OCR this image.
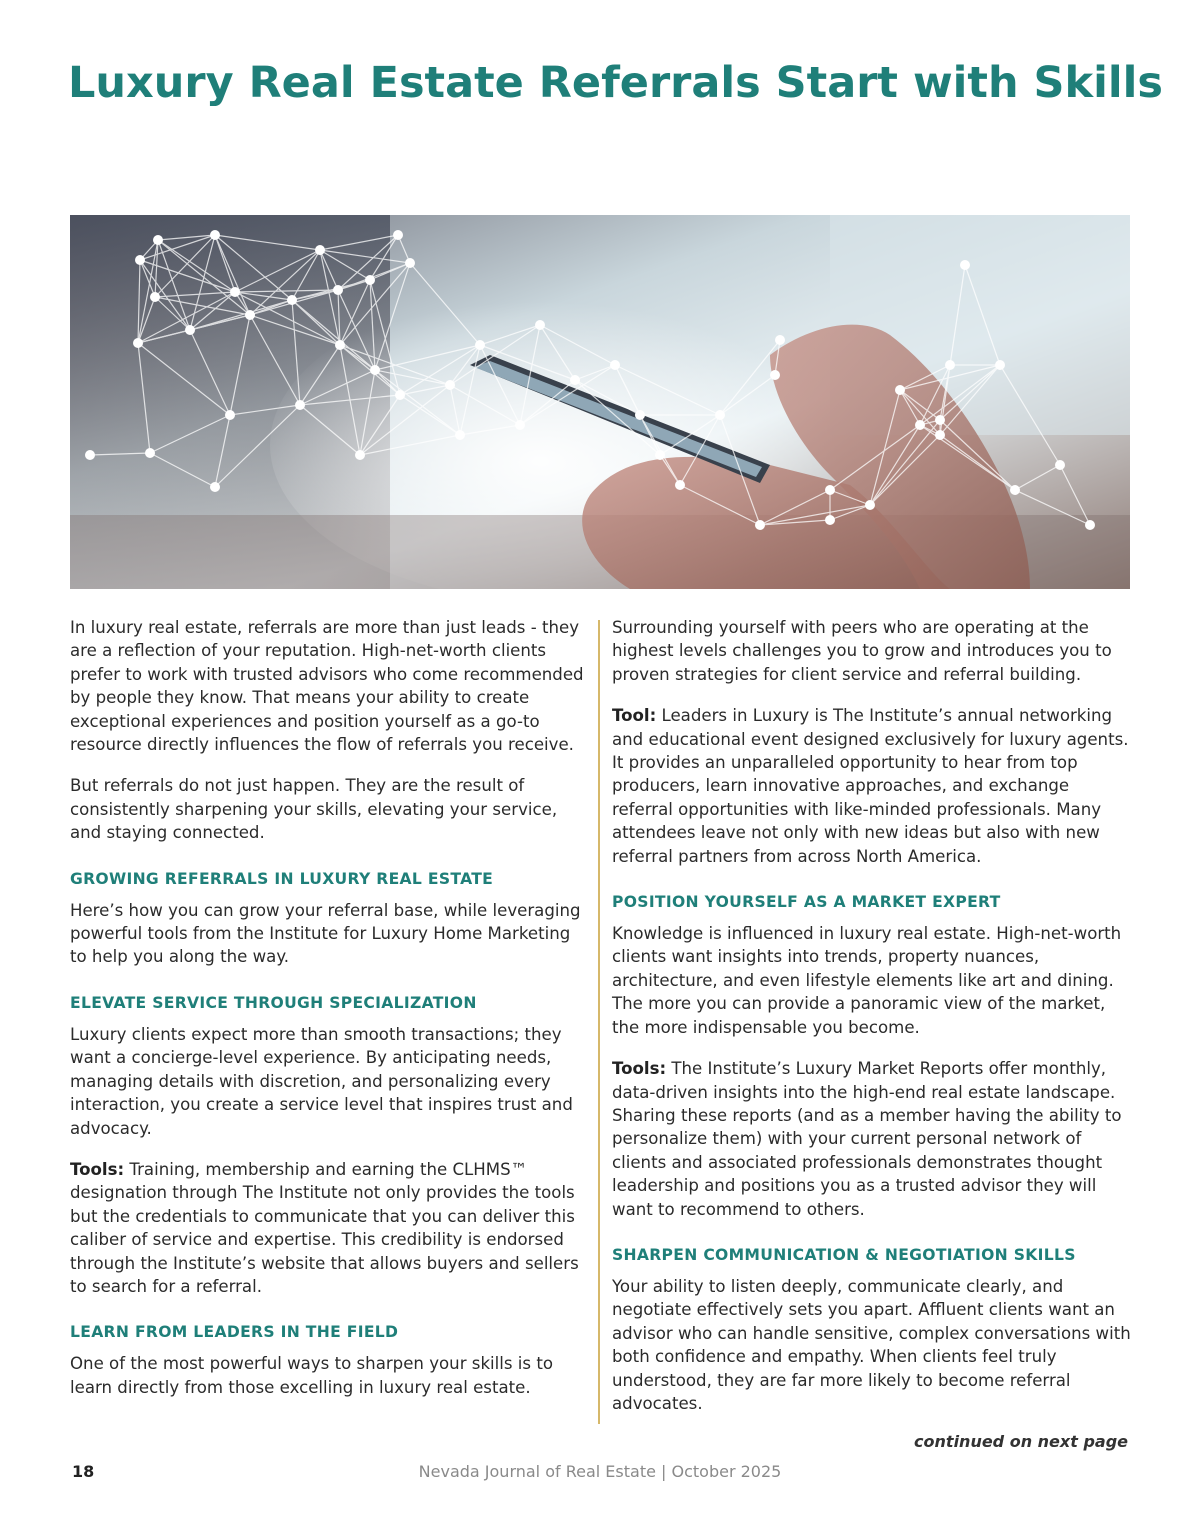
Luxury Real Estate Referrals Start with Skills

In luxury real estate, referrals are more than just leads - they are a reflection of your reputation. High-net-worth clients prefer to work with trusted advisors who come recommended by people they know. That means your ability to create exceptional experiences and position yourself as a go-to resource directly influences the flow of referrals you receive.

But referrals do not just happen. They are the result of consistently sharpening your skills, elevating your service, and staying connected.

GROWING REFERRALS IN LUXURY REAL ESTATE

Here’s how you can grow your referral base, while leveraging powerful tools from the Institute for Luxury Home Marketing to help you along the way.

ELEVATE SERVICE THROUGH SPECIALIZATION

Luxury clients expect more than smooth transactions; they want a concierge-level experience. By anticipating needs, managing details with discretion, and personalizing every interaction, you create a service level that inspires trust and advocacy.

Tools: Training, membership and earning the CLHMS™ designation through The Institute not only provides the tools but the credentials to communicate that you can deliver this caliber of service and expertise. This credibility is endorsed through the Institute’s website that allows buyers and sellers to search for a referral.

LEARN FROM LEADERS IN THE FIELD

One of the most powerful ways to sharpen your skills is to learn directly from those excelling in luxury real estate.

Surrounding yourself with peers who are operating at the highest levels challenges you to grow and introduces you to proven strategies for client service and referral building.

Tool: Leaders in Luxury is The Institute’s annual networking and educational event designed exclusively for luxury agents. It provides an unparalleled opportunity to hear from top producers, learn innovative approaches, and exchange referral opportunities with like-minded professionals. Many attendees leave not only with new ideas but also with new referral partners from across North America.

POSITION YOURSELF AS A MARKET EXPERT

Knowledge is influenced in luxury real estate. High-net-worth clients want insights into trends, property nuances, architecture, and even lifestyle elements like art and dining. The more you can provide a panoramic view of the market, the more indispensable you become.

Tools: The Institute’s Luxury Market Reports offer monthly, data-driven insights into the high-end real estate landscape. Sharing these reports (and as a member having the ability to personalize them) with your current personal network of clients and associated professionals demonstrates thought leadership and positions you as a trusted advisor they will want to recommend to others.

SHARPEN COMMUNICATION & NEGOTIATION SKILLS

Your ability to listen deeply, communicate clearly, and negotiate effectively sets you apart. Affluent clients want an advisor who can handle sensitive, complex conversations with both confidence and empathy. When clients feel truly understood, they are far more likely to become referral advocates.

continued on next page
18	Nevada Journal of Real Estate | October 2025
